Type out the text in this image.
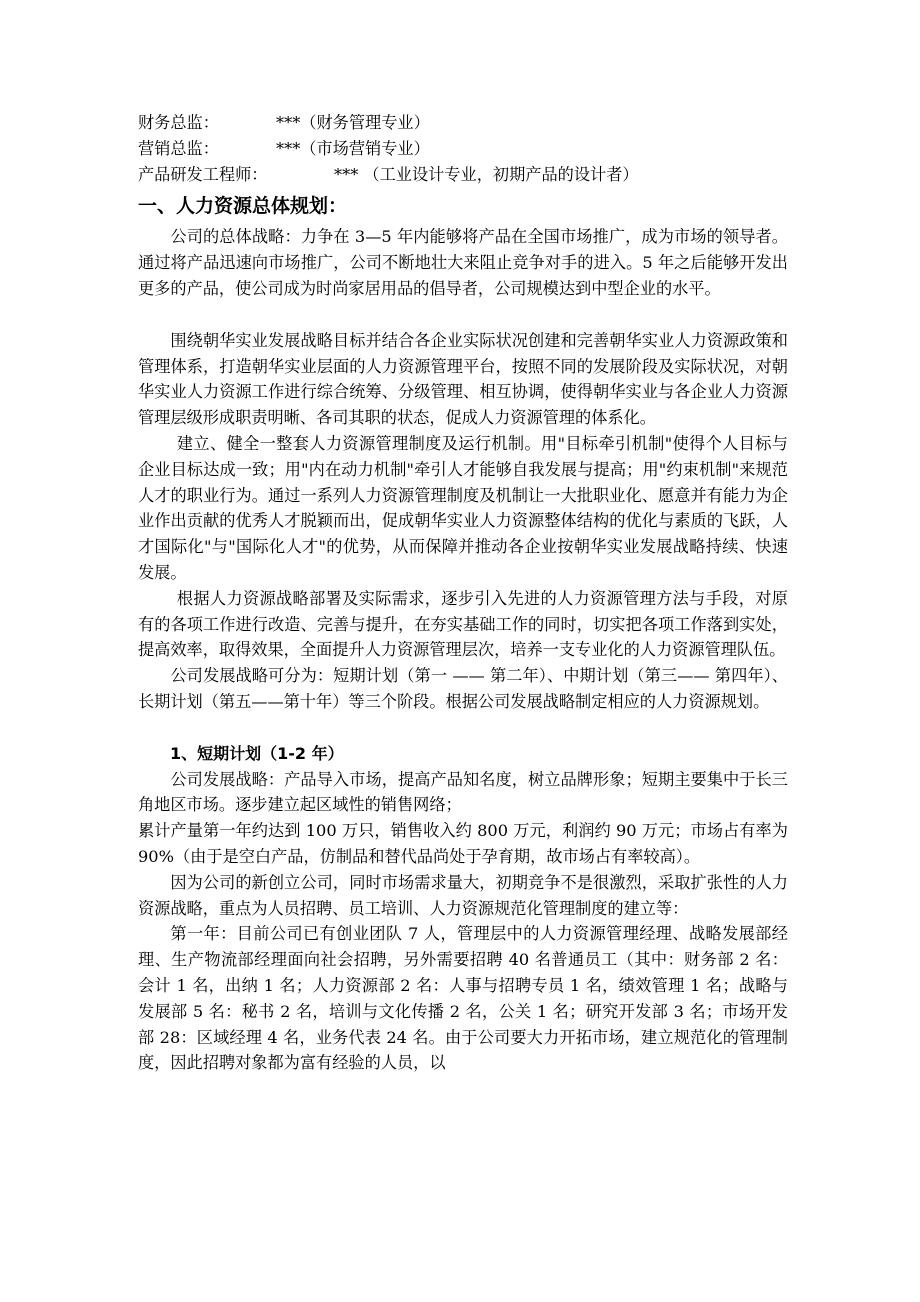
财务总监：	***（财务管理专业）

营销总监：	***（市场营销专业）

产品研发工程师：	*** （工业设计专业，初期产品的设计者）

一、人力资源总体规划：

公司的总体战略：力争在 3—5 年内能够将产品在全国市场推广，成为市场的领导者。通过将产品迅速向市场推广，公司不断地壮大来阻止竞争对手的进入。5 年之后能够开发出更多的产品，使公司成为时尚家居用品的倡导者，公司规模达到中型企业的水平。

围绕朝华实业发展战略目标并结合各企业实际状况创建和完善朝华实业人力资源政策和管理体系，打造朝华实业层面的人力资源管理平台，按照不同的发展阶段及实际状况，对朝华实业人力资源工作进行综合统筹、分级管理、相互协调，使得朝华实业与各企业人力资源管理层级形成职责明晰、各司其职的状态，促成人力资源管理的体系化。

建立、健全一整套人力资源管理制度及运行机制。用"目标牵引机制"使得个人目标与企业目标达成一致；用"内在动力机制"牵引人才能够自我发展与提高；用"约束机制"来规范人才的职业行为。通过一系列人力资源管理制度及机制让一大批职业化、愿意并有能力为企业作出贡献的优秀人才脱颖而出，促成朝华实业人力资源整体结构的优化与素质的飞跃，人才国际化"与"国际化人才"的优势，从而保障并推动各企业按朝华实业发展战略持续、快速发展。

根据人力资源战略部署及实际需求，逐步引入先进的人力资源管理方法与手段，对原有的各项工作进行改造、完善与提升，在夯实基础工作的同时，切实把各项工作落到实处，提高效率，取得效果，全面提升人力资源管理层次，培养一支专业化的人力资源管理队伍。

公司发展战略可分为：短期计划（第一 —— 第二年）、中期计划（第三—— 第四年）、长期计划（第五——第十年）等三个阶段。根据公司发展战略制定相应的人力资源规划。

1、短期计划（1-2 年）

公司发展战略：产品导入市场，提高产品知名度，树立品牌形象；短期主要集中于长三角地区市场。逐步建立起区域性的销售网络；

累计产量第一年约达到 100 万只，销售收入约 800 万元，利润约 90 万元；市场占有率为 90%（由于是空白产品，仿制品和替代品尚处于孕育期，故市场占有率较高）。

因为公司的新创立公司，同时市场需求量大，初期竞争不是很激烈，采取扩张性的人力资源战略，重点为人员招聘、员工培训、人力资源规范化管理制度的建立等：

第一年：目前公司已有创业团队 7 人，管理层中的人力资源管理经理、战略发展部经理、生产物流部经理面向社会招聘，另外需要招聘 40 名普通员工（其中：财务部 2 名：会计 1 名，出纳 1 名；人力资源部 2 名：人事与招聘专员 1 名，绩效管理 1 名；战略与发展部 5 名：秘书 2 名，培训与文化传播 2 名，公关 1 名；研究开发部 3 名；市场开发部 28：区域经理 4 名，业务代表 24 名。由于公司要大力开拓市场，建立规范化的管理制度，因此招聘对象都为富有经验的人员，以
